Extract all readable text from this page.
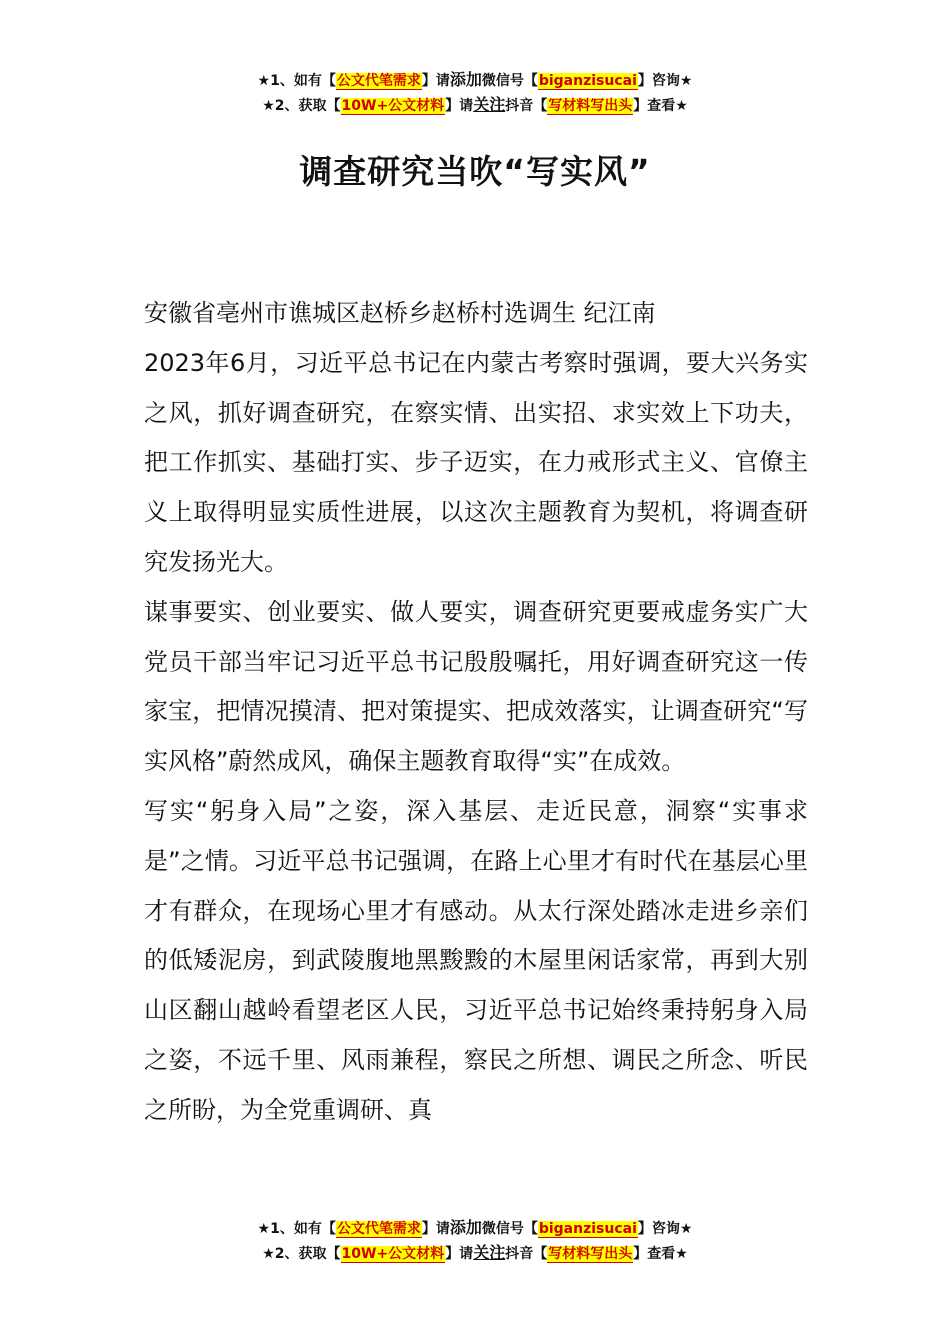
★1、如有【公文代笔需求】请添加微信号【biganzisucai】咨询★
★2、获取【10W+公文材料】请关注抖音【写材料写出头】查看★
调查研究当吹“写实风”

安徽省亳州市谯城区赵桥乡赵桥村选调生 纪江南

2023年6月，习近平总书记在内蒙古考察时强调，要大兴务实之风，抓好调查研究，在察实情、出实招、求实效上下功夫，把工作抓实、基础打实、步子迈实，在力戒形式主义、官僚主义上取得明显实质性进展，以这次主题教育为契机，将调查研究发扬光大。

谋事要实、创业要实、做人要实，调查研究更要戒虚务实广大党员干部当牢记习近平总书记殷殷嘱托，用好调查研究这一传家宝，把情况摸清、把对策提实、把成效落实，让调查研究“写实风格”蔚然成风，确保主题教育取得“实”在成效。

写实“躬身入局”之姿，深入基层、走近民意，洞察“实事求是”之情。习近平总书记强调，在路上心里才有时代在基层心里才有群众，在现场心里才有感动。从太行深处踏冰走进乡亲们的低矮泥房，到武陵腹地黑黢黢的木屋里闲话家常，再到大别山区翻山越岭看望老区人民，习近平总书记始终秉持躬身入局之姿，不远千里、风雨兼程，察民之所想、调民之所念、听民之所盼，为全党重调研、真

★1、如有【公文代笔需求】请添加微信号【biganzisucai】咨询★
★2、获取【10W+公文材料】请关注抖音【写材料写出头】查看★
